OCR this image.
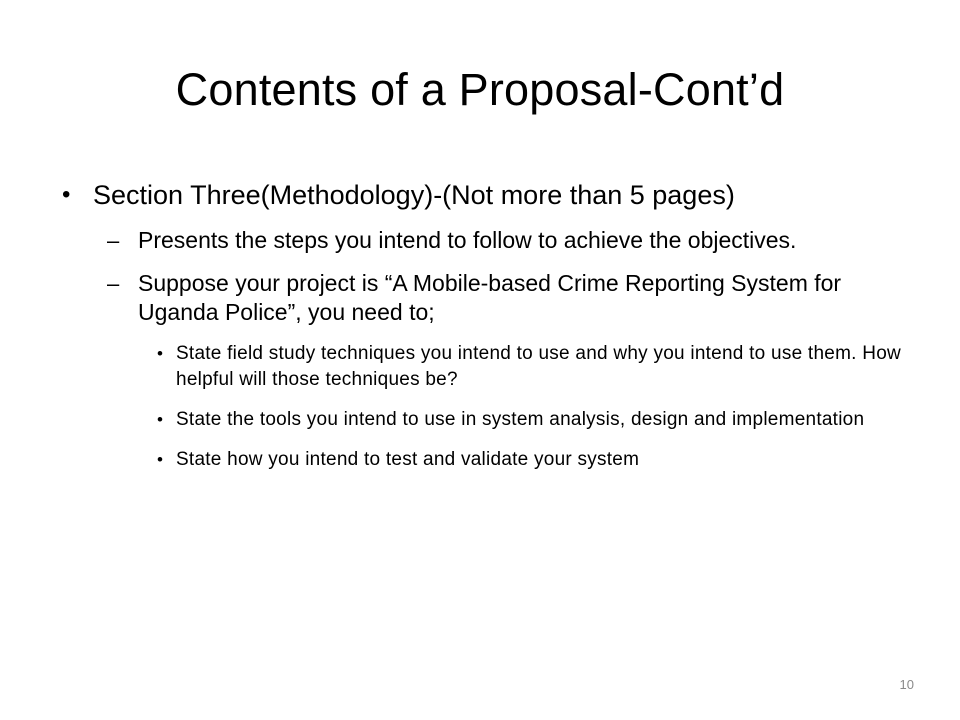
Contents of a Proposal-Cont’d
• Section Three(Methodology)-(Not more than 5 pages)
– Presents the steps you intend to follow to achieve the objectives.
– Suppose your project is “A Mobile-based Crime Reporting System for Uganda Police”, you need to;
• State field study techniques you intend to use and why you intend to use them. How helpful will those techniques be?
• State the tools you intend to use in system analysis, design and implementation
• State how you intend to test and validate your system
10
